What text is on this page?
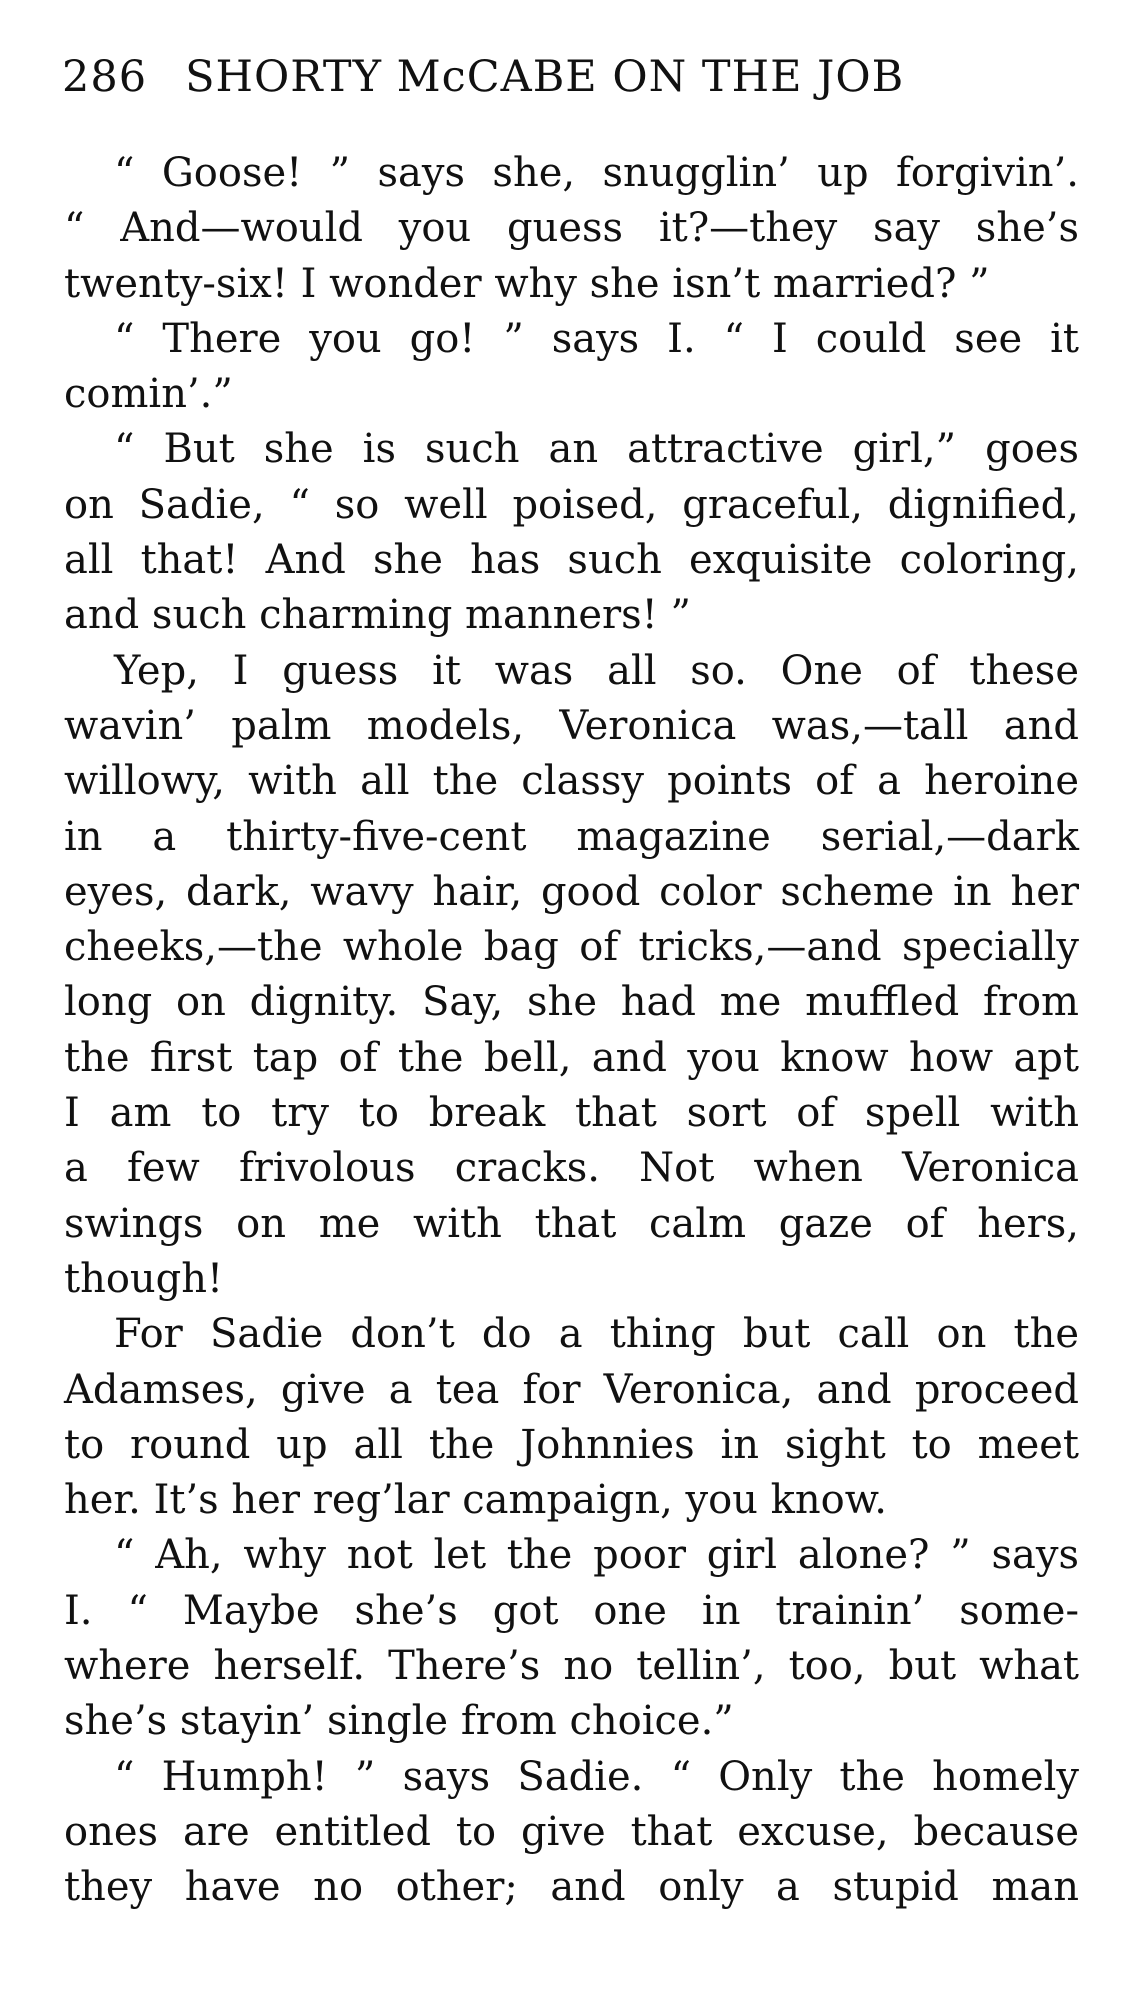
286 SHORTY McCABE ON THE JOB
“ Goose! ” says she, snugglin’ up forgivin’.
“ And—would you guess it?—they say she’s
twenty-six! I wonder why she isn’t married? ”
“ There you go! ” says I. “ I could see it
comin’.”
“ But she is such an attractive girl,” goes
on Sadie, “ so well poised, graceful, dignified,
all that! And she has such exquisite coloring,
and such charming manners! ”
Yep, I guess it was all so. One of these
wavin’ palm models, Veronica was,—tall and
willowy, with all the classy points of a heroine
in a thirty-five-cent magazine serial,—dark
eyes, dark, wavy hair, good color scheme in her
cheeks,—the whole bag of tricks,—and specially
long on dignity. Say, she had me muffled from
the first tap of the bell, and you know how apt
I am to try to break that sort of spell with
a few frivolous cracks. Not when Veronica
swings on me with that calm gaze of hers,
though!
For Sadie don’t do a thing but call on the
Adamses, give a tea for Veronica, and proceed
to round up all the Johnnies in sight to meet
her. It’s her reg’lar campaign, you know.
“ Ah, why not let the poor girl alone? ” says
I. “ Maybe she’s got one in trainin’ some-
where herself. There’s no tellin’, too, but what
she’s stayin’ single from choice.”
“ Humph! ” says Sadie. “ Only the homely
ones are entitled to give that excuse, because
they have no other; and only a stupid man
